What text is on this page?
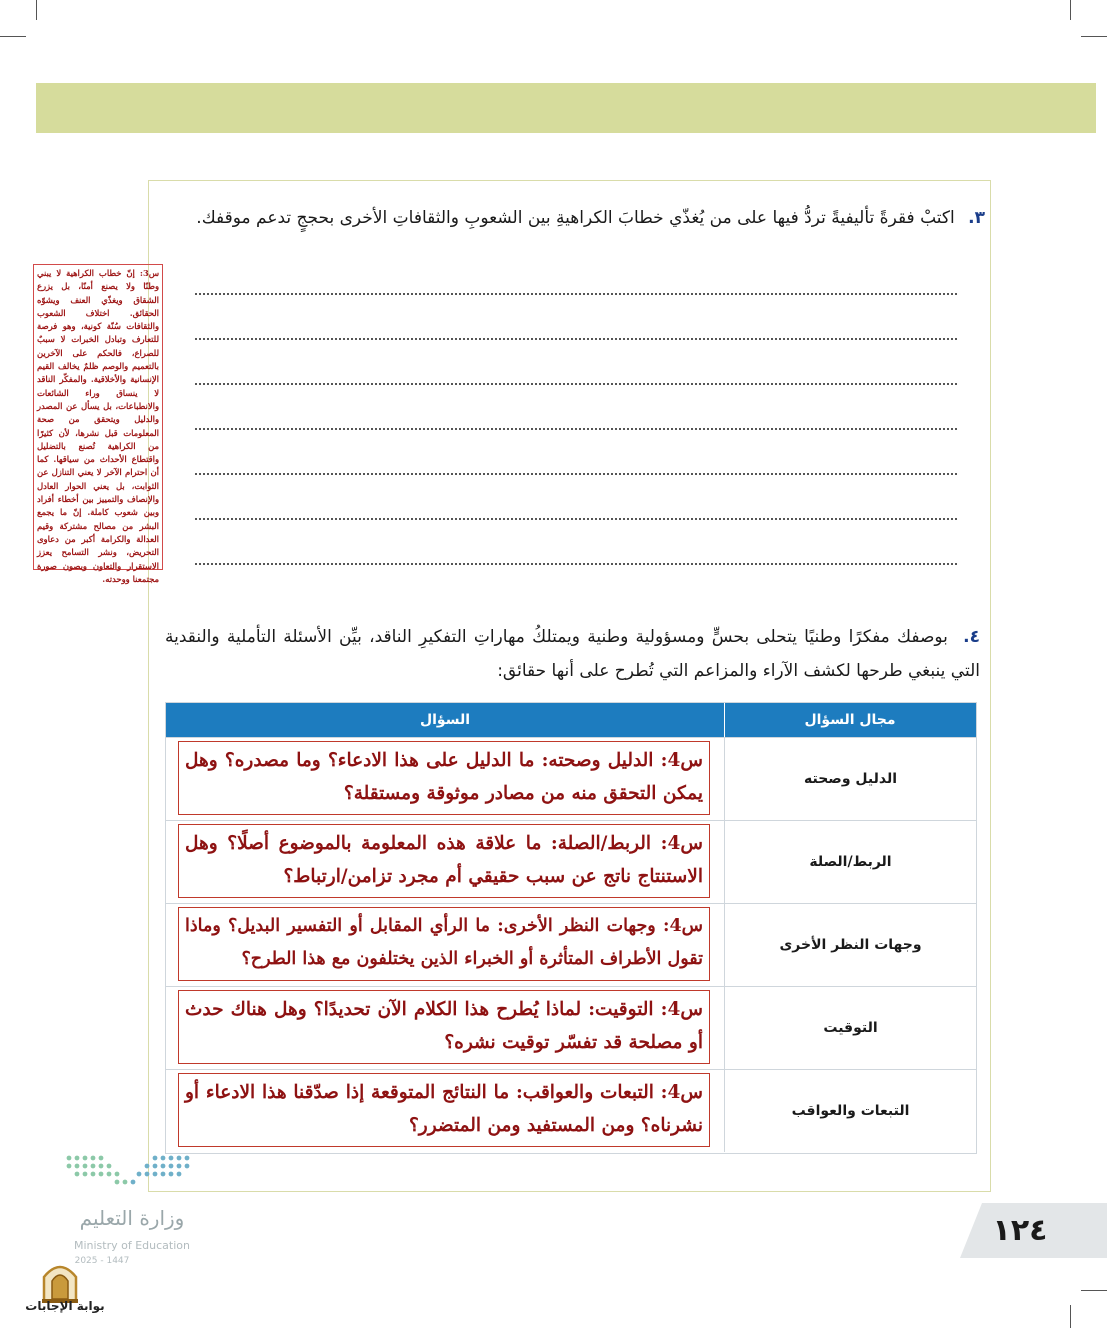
٣. اكتبْ فقرةً تأليفيةً تردُّ فيها على من يُغذّي خطابَ الكراهيةِ بين الشعوبِ والثقافاتِ الأخرى بحججٍ تدعم موقفك.
س3: إنّ خطاب الكراهية لا يبني وطنًا ولا يصنع أمنًا، بل يزرع الشقاق ويغذّي العنف ويشوّه الحقائق. اختلاف الشعوب والثقافات سُنّة كونية، وهو فرصة للتعارف وتبادل الخبرات لا سببٌ للصراع، فالحكم على الآخرين بالتعميم والوصم ظلمٌ يخالف القيم الإنسانية والأخلاقية. والمفكّر الناقد لا ينساق وراء الشائعات والانطباعات، بل يسأل عن المصدر والدليل ويتحقق من صحة المعلومات قبل نشرها، لأن كثيرًا من الكراهية تُصنع بالتضليل واقتطاع الأحداث من سياقها. كما أن احترام الآخر لا يعني التنازل عن الثوابت، بل يعني الحوار العادل والإنصاف والتمييز بين أخطاء أفراد وبين شعوب كاملة. إنّ ما يجمع البشر من مصالح مشتركة وقيم العدالة والكرامة أكبر من دعاوى التحريض، ونشر التسامح يعزز الاستقرار والتعاون ويصون صورة مجتمعنا ووحدته.
٤. بوصفك مفكرًا وطنيًا يتحلى بحسٍّ ومسؤولية وطنية ويمتلكُ مهاراتِ التفكيرِ الناقد، بيِّن الأسئلة التأملية والنقدية التي ينبغي طرحها لكشف الآراء والمزاعم التي تُطرح على أنها حقائق:
مجال السؤال
السؤال
الدليل وصحته
س4: الدليل وصحته: ما الدليل على هذا الادعاء؟ وما مصدره؟ وهل يمكن التحقق منه من مصادر موثوقة ومستقلة؟
الربط/الصلة
س4: الربط/الصلة: ما علاقة هذه المعلومة بالموضوع أصلًا؟ وهل الاستنتاج ناتج عن سبب حقيقي أم مجرد تزامن/ارتباط؟
وجهات النظر الأخرى
س4: وجهات النظر الأخرى: ما الرأي المقابل أو التفسير البديل؟ وماذا تقول الأطراف المتأثرة أو الخبراء الذين يختلفون مع هذا الطرح؟
التوقيت
س4: التوقيت: لماذا يُطرح هذا الكلام الآن تحديدًا؟ وهل هناك حدث أو مصلحة قد تفسّر توقيت نشره؟
التبعات والعواقب
س4: التبعات والعواقب: ما النتائج المتوقعة إذا صدّقنا هذا الادعاء أو نشرناه؟ ومن المستفيد ومن المتضرر؟
وزارة التعليم
Ministry of Education
2025 - 1447
بوابة الإجابات
١٢٤
